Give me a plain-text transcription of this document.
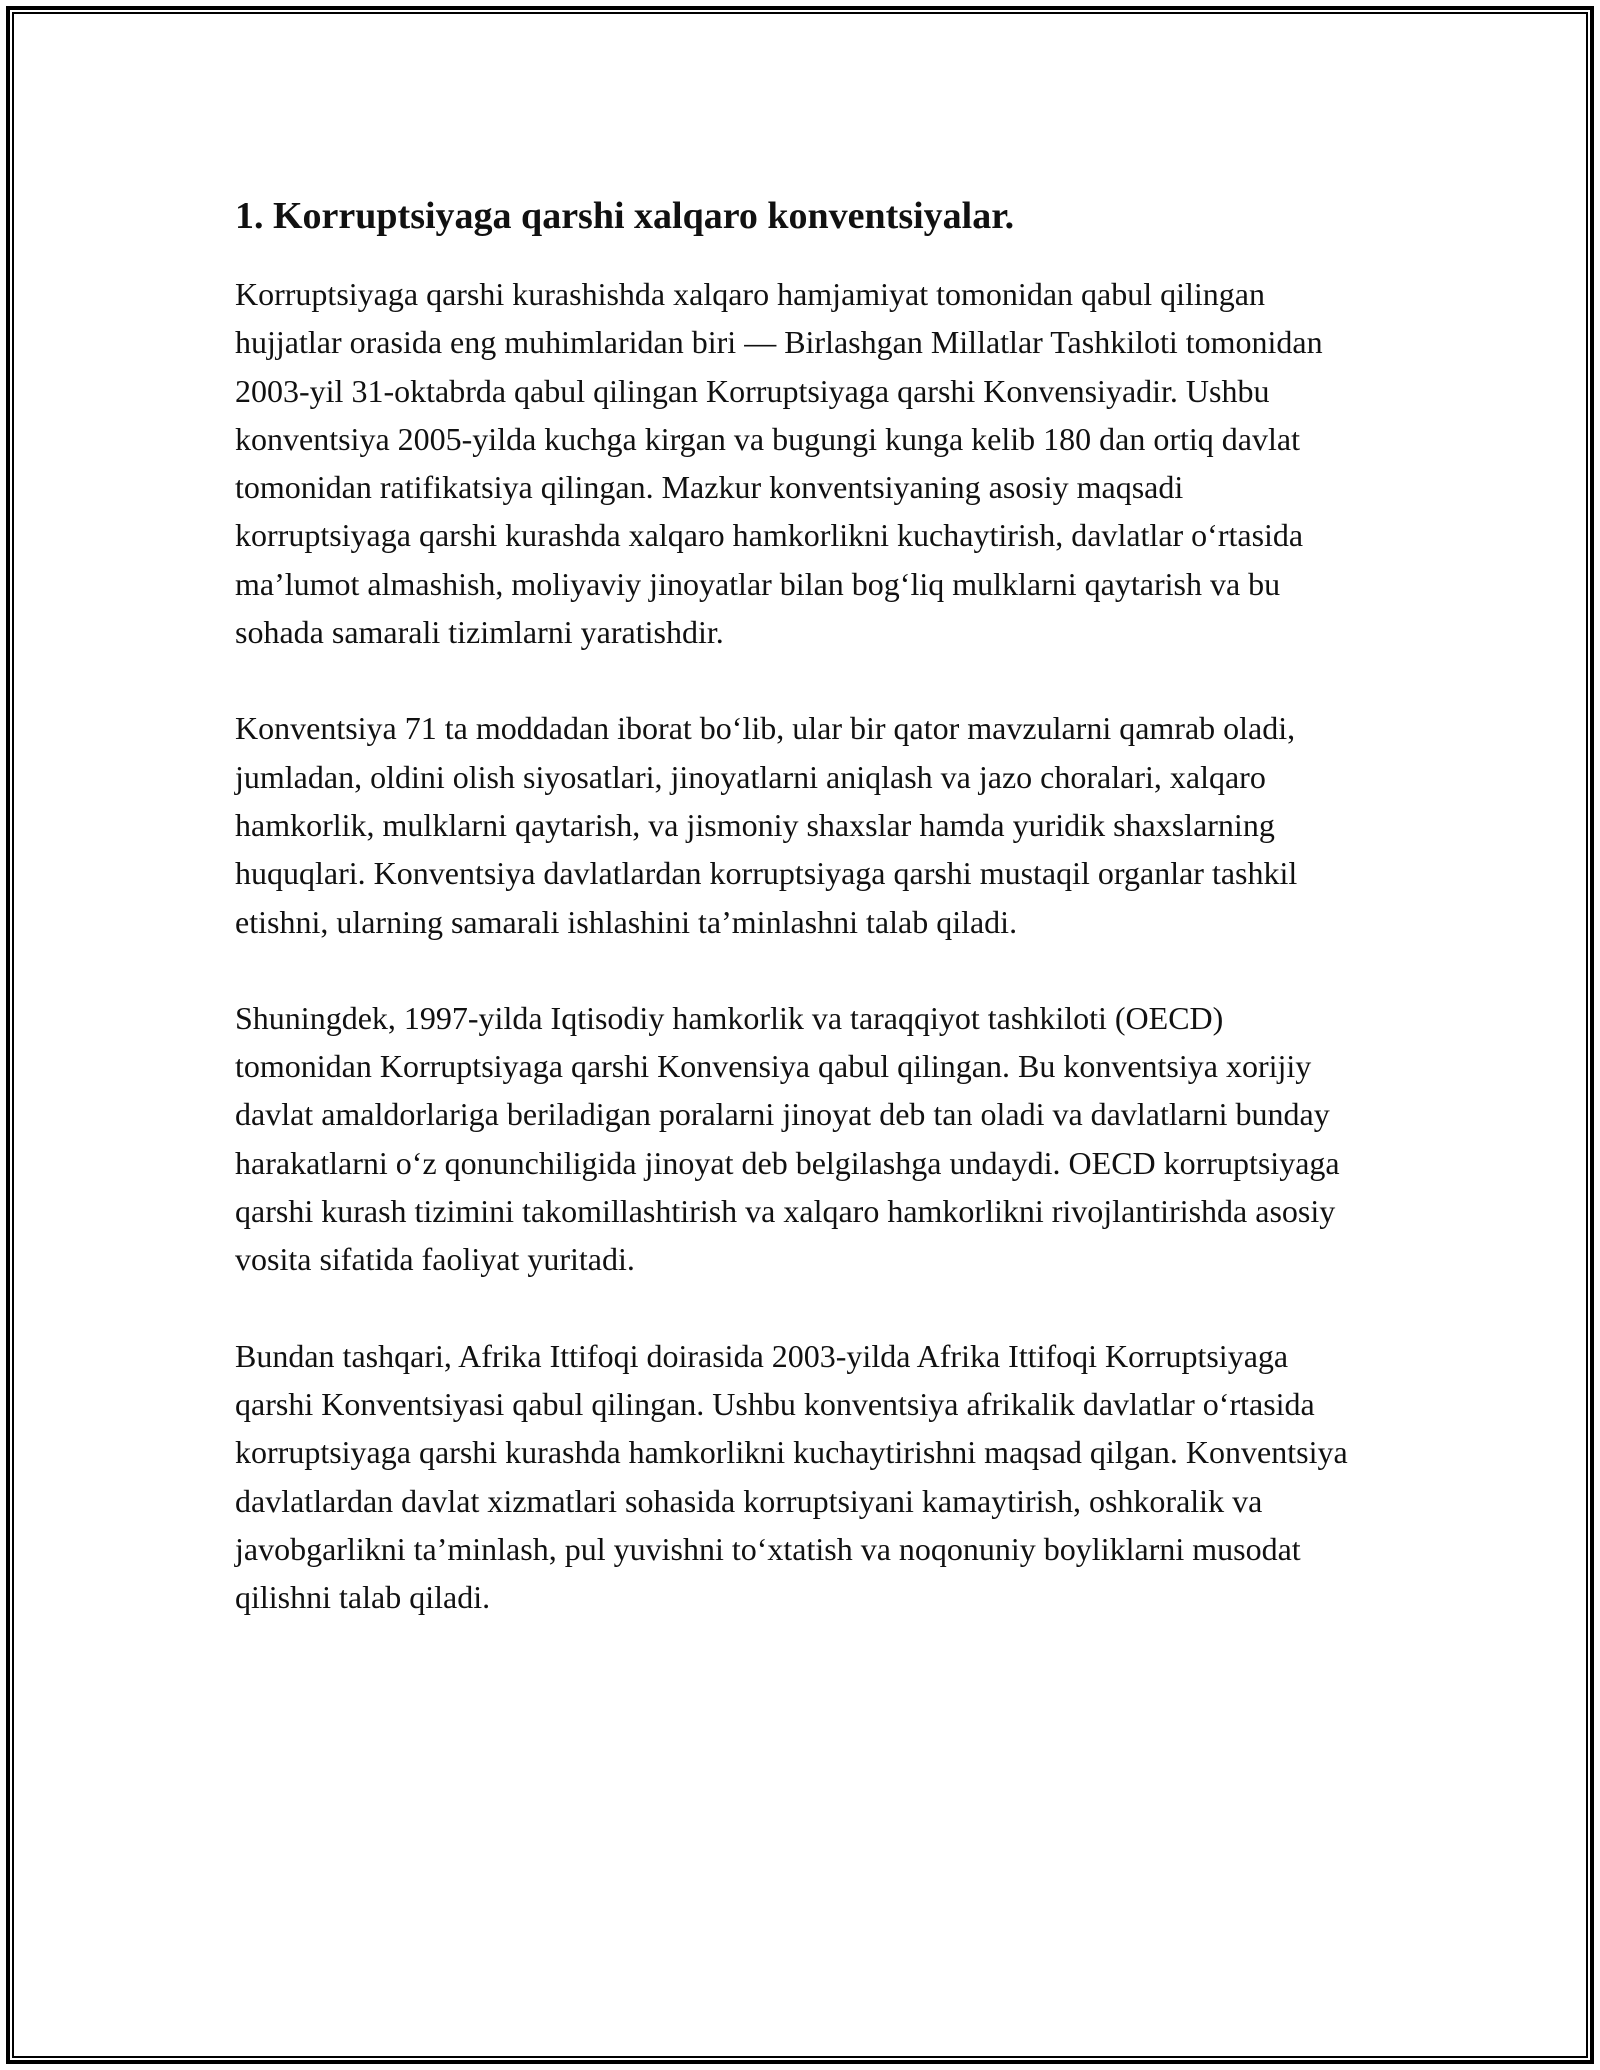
1. Korruptsiyaga qarshi xalqaro konventsiyalar.

Korruptsiyaga qarshi kurashishda xalqaro hamjamiyat tomonidan qabul qilingan hujjatlar orasida eng muhimlaridan biri — Birlashgan Millatlar Tashkiloti tomonidan 2003-yil 31-oktabrda qabul qilingan Korruptsiyaga qarshi Konvensiyadir. Ushbu konventsiya 2005-yilda kuchga kirgan va bugungi kunga kelib 180 dan ortiq davlat tomonidan ratifikatsiya qilingan. Mazkur konventsiyaning asosiy maqsadi korruptsiyaga qarshi kurashda xalqaro hamkorlikni kuchaytirish, davlatlar o‘rtasida ma’lumot almashish, moliyaviy jinoyatlar bilan bog‘liq mulklarni qaytarish va bu sohada samarali tizimlarni yaratishdir.

Konventsiya 71 ta moddadan iborat bo‘lib, ular bir qator mavzularni qamrab oladi, jumladan, oldini olish siyosatlari, jinoyatlarni aniqlash va jazo choralari, xalqaro hamkorlik, mulklarni qaytarish, va jismoniy shaxslar hamda yuridik shaxslarning huquqlari. Konventsiya davlatlardan korruptsiyaga qarshi mustaqil organlar tashkil etishni, ularning samarali ishlashini ta’minlashni talab qiladi.

Shuningdek, 1997-yilda Iqtisodiy hamkorlik va taraqqiyot tashkiloti (OECD) tomonidan Korruptsiyaga qarshi Konvensiya qabul qilingan. Bu konventsiya xorijiy davlat amaldorlariga beriladigan poralarni jinoyat deb tan oladi va davlatlarni bunday harakatlarni o‘z qonunchiligida jinoyat deb belgilashga undaydi. OECD korruptsiyaga qarshi kurash tizimini takomillashtirish va xalqaro hamkorlikni rivojlantirishda asosiy vosita sifatida faoliyat yuritadi.

Bundan tashqari, Afrika Ittifoqi doirasida 2003-yilda Afrika Ittifoqi Korruptsiyaga qarshi Konventsiyasi qabul qilingan. Ushbu konventsiya afrikalik davlatlar o‘rtasida korruptsiyaga qarshi kurashda hamkorlikni kuchaytirishni maqsad qilgan. Konventsiya davlatlardan davlat xizmatlari sohasida korruptsiyani kamaytirish, oshkoralik va javobgarlikni ta’minlash, pul yuvishni to‘xtatish va noqonuniy boyliklarni musodat qilishni talab qiladi.
